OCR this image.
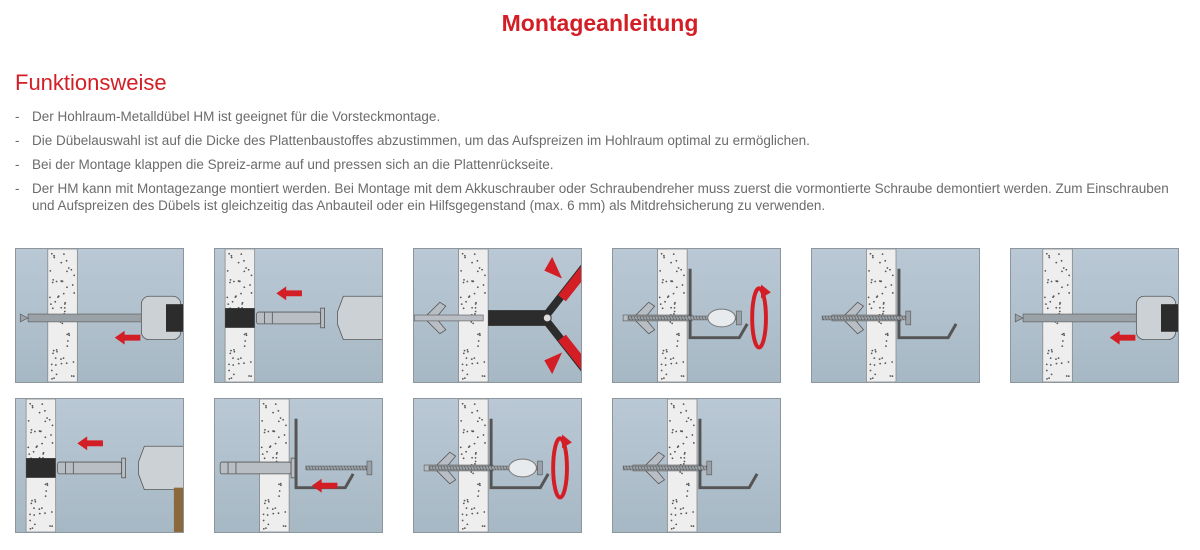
Montageanleitung
Funktionsweise
- Der Hohlraum-Metalldübel HM ist geeignet für die Vorsteckmontage.
- Die Dübelauswahl ist auf die Dicke des Plattenbaustoffes abzustimmen, um das Aufspreizen im Hohlraum optimal zu ermöglichen.
- Bei der Montage klappen die Spreiz-arme auf und pressen sich an die Plattenrückseite.
- Der HM kann mit Montagezange montiert werden. Bei Montage mit dem Akkuschrauber oder Schraubendreher muss zuerst die vormontierte Schraube demontiert werden. Zum Einschrauben und Aufspreizen des Dübels ist gleichzeitig das Anbauteil oder ein Hilfsgegenstand (max. 6 mm) als Mitdrehsicherung zu verwenden.
